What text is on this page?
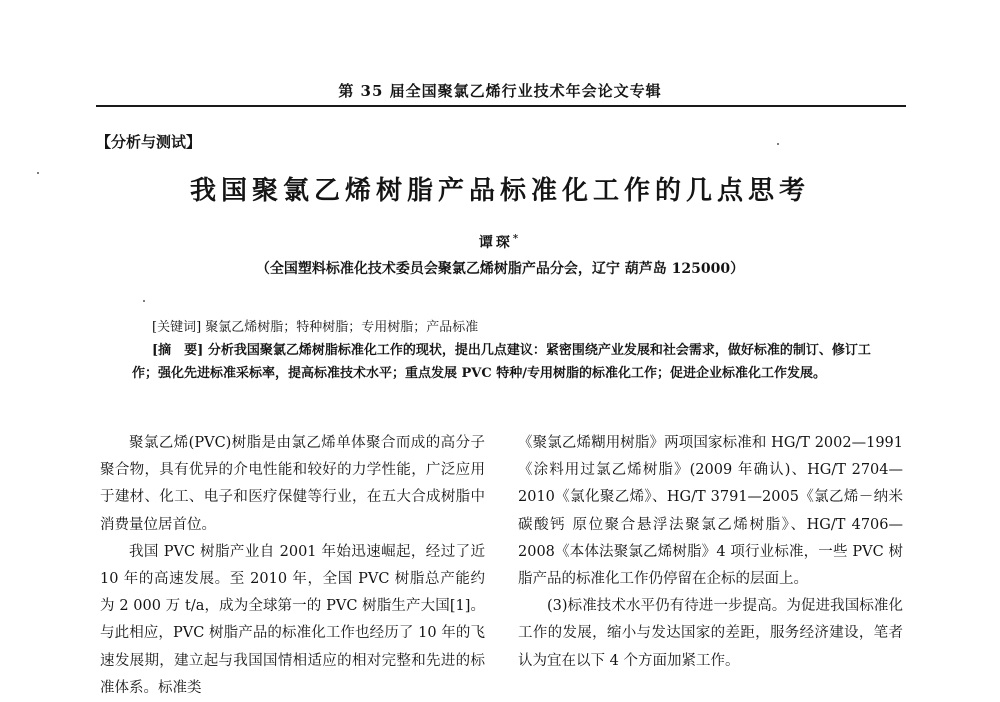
第 35 届全国聚氯乙烯行业技术年会论文专辑
【分析与测试】
我国聚氯乙烯树脂产品标准化工作的几点思考
谭琛*
（全国塑料标准化技术委员会聚氯乙烯树脂产品分会，辽宁 葫芦岛 125000）
[关键词] 聚氯乙烯树脂；特种树脂；专用树脂；产品标准
[摘　要] 分析我国聚氯乙烯树脂标准化工作的现状，提出几点建议：紧密围绕产业发展和社会需求，做好标准的制订、修订工作；强化先进标准采标率，提高标准技术水平；重点发展 PVC 特种/专用树脂的标准化工作；促进企业标准化工作发展。

聚氯乙烯(PVC)树脂是由氯乙烯单体聚合而成的高分子聚合物，具有优异的介电性能和较好的力学性能，广泛应用于建材、化工、电子和医疗保健等行业，在五大合成树脂中消费量位居首位。

我国 PVC 树脂产业自 2001 年始迅速崛起，经过了近 10 年的高速发展。至 2010 年，全国 PVC 树脂总产能约为 2 000 万 t/a，成为全球第一的 PVC 树脂生产大国[1]。与此相应，PVC 树脂产品的标准化工作也经历了 10 年的飞速发展期，建立起与我国国情相适应的相对完整和先进的标准体系。标准类

《聚氯乙烯糊用树脂》两项国家标准和 HG/T 2002—1991《涂料用过氯乙烯树脂》(2009 年确认)、HG/T 2704—2010《氯化聚乙烯》、HG/T 3791—2005《氯乙烯－纳米碳酸钙 原位聚合悬浮法聚氯乙烯树脂》、HG/T 4706—2008《本体法聚氯乙烯树脂》4 项行业标准，一些 PVC 树脂产品的标准化工作仍停留在企标的层面上。

(3)标准技术水平仍有待进一步提高。为促进我国标准化工作的发展，缩小与发达国家的差距，服务经济建设，笔者认为宜在以下 4 个方面加紧工作。
